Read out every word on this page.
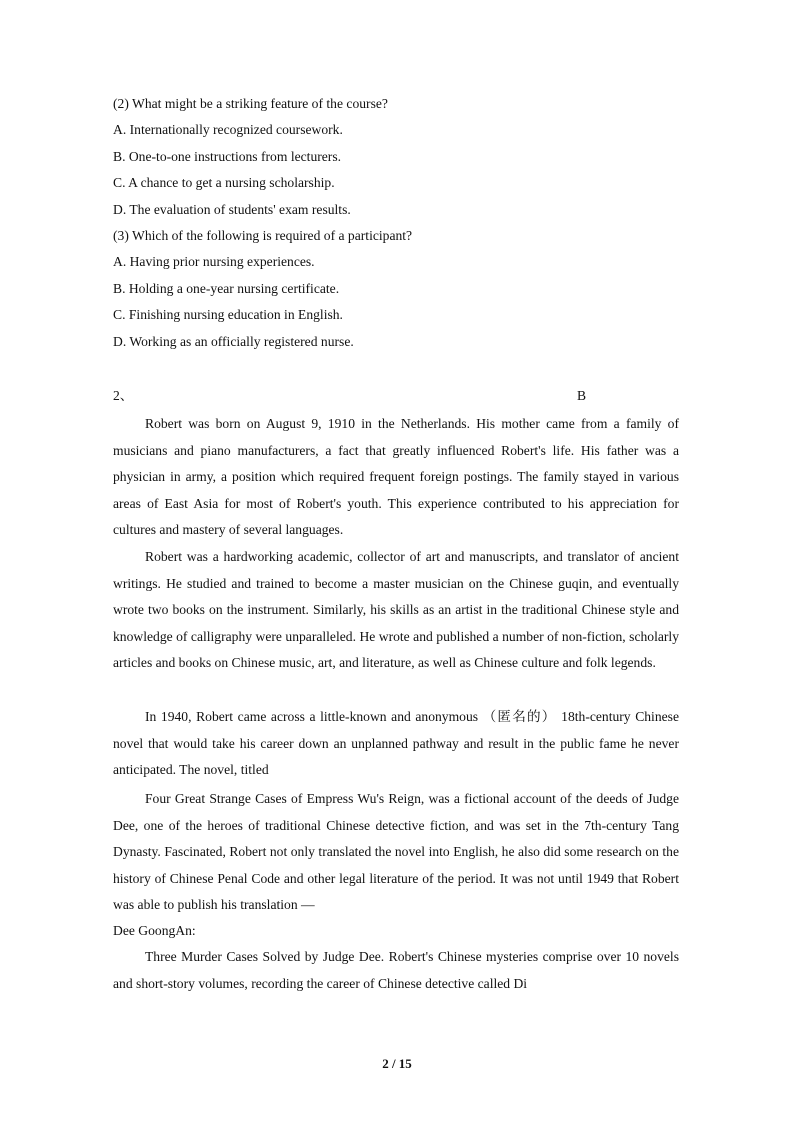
(2) What might be a striking feature of the course?
A. Internationally recognized coursework.
B. One-to-one instructions from lecturers.
C. A chance to get a nursing scholarship.
D. The evaluation of students' exam results.
(3) Which of the following is required of a participant?
A. Having prior nursing experiences.
B. Holding a one-year nursing certificate.
C. Finishing nursing education in English.
D. Working as an officially registered nurse.
2、	B

Robert was born on August 9, 1910 in the Netherlands. His mother came from a family of musicians and piano manufacturers, a fact that greatly influenced Robert's life. His father was a physician in army, a position which required frequent foreign postings. The family stayed in various areas of East Asia for most of Robert's youth. This experience contributed to his appreciation for cultures and mastery of several languages.

Robert was a hardworking academic, collector of art and manuscripts, and translator of ancient writings. He studied and trained to become a master musician on the Chinese guqin, and eventually wrote two books on the instrument. Similarly, his skills as an artist in the traditional Chinese style and knowledge of calligraphy were unparalleled. He wrote and published a number of non-fiction, scholarly articles and books on Chinese music, art, and literature, as well as Chinese culture and folk legends.

In 1940, Robert came across a little-known and anonymous （匿名的） 18th-century Chinese novel that would take his career down an unplanned pathway and result in the public fame he never anticipated. The novel, titled

Four Great Strange Cases of Empress Wu's Reign, was a fictional account of the deeds of Judge Dee, one of the heroes of traditional Chinese detective fiction, and was set in the 7th-century Tang Dynasty. Fascinated, Robert not only translated the novel into English, he also did some research on the history of Chinese Penal Code and other legal literature of the period. It was not until 1949 that Robert was able to publish his translation —

Dee GoongAn:

Three Murder Cases Solved by Judge Dee. Robert's Chinese mysteries comprise over 10 novels and short-story volumes, recording the career of Chinese detective called Di

2 / 15
